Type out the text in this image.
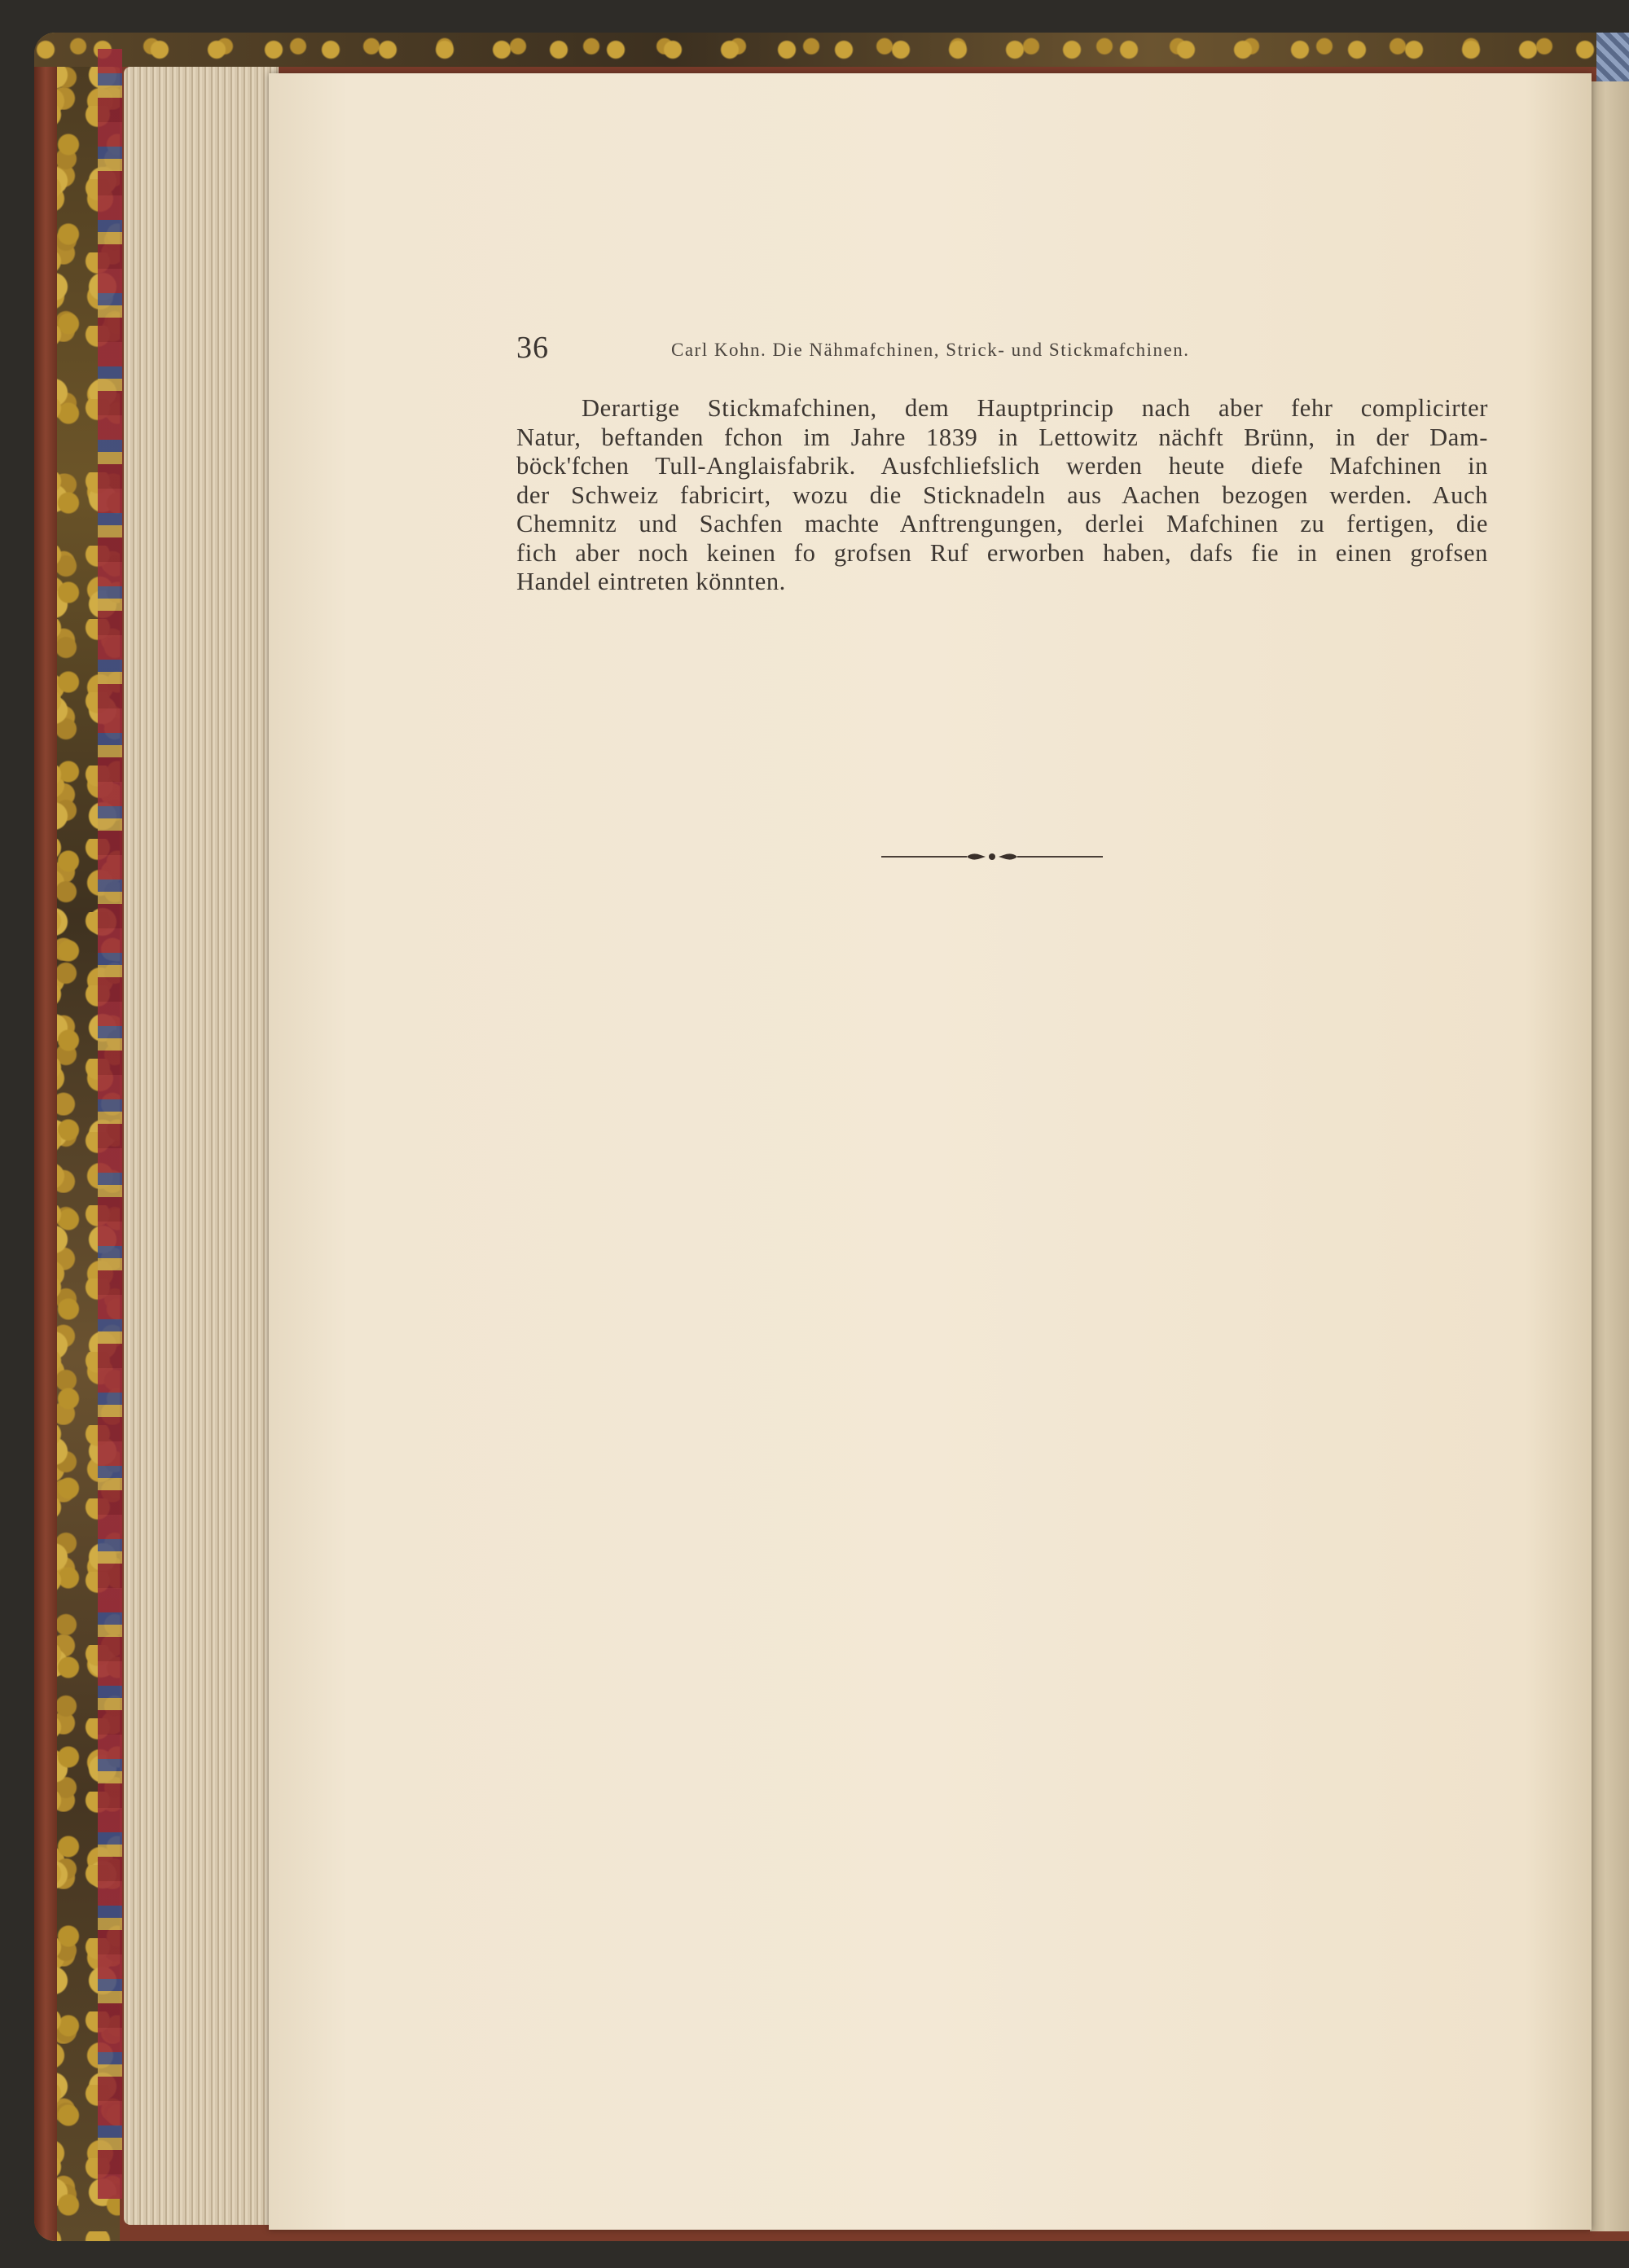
36	Carl Kohn. Die Nähmafchinen, Strick- und Stickmafchinen.
Derartige Stickmafchinen, dem Hauptprincip nach aber fehr complicirter
Natur, beftanden fchon im Jahre 1839 in Lettowitz nächft Brünn, in der Dam-
böck'fchen Tull-Anglaisfabrik. Ausfchliefslich werden heute diefe Mafchinen in
der Schweiz fabricirt, wozu die Sticknadeln aus Aachen bezogen werden. Auch
Chemnitz und Sachfen machte Anftrengungen, derlei Mafchinen zu fertigen, die
fich aber noch keinen fo grofsen Ruf erworben haben, dafs fie in einen grofsen
Handel eintreten könnten.
